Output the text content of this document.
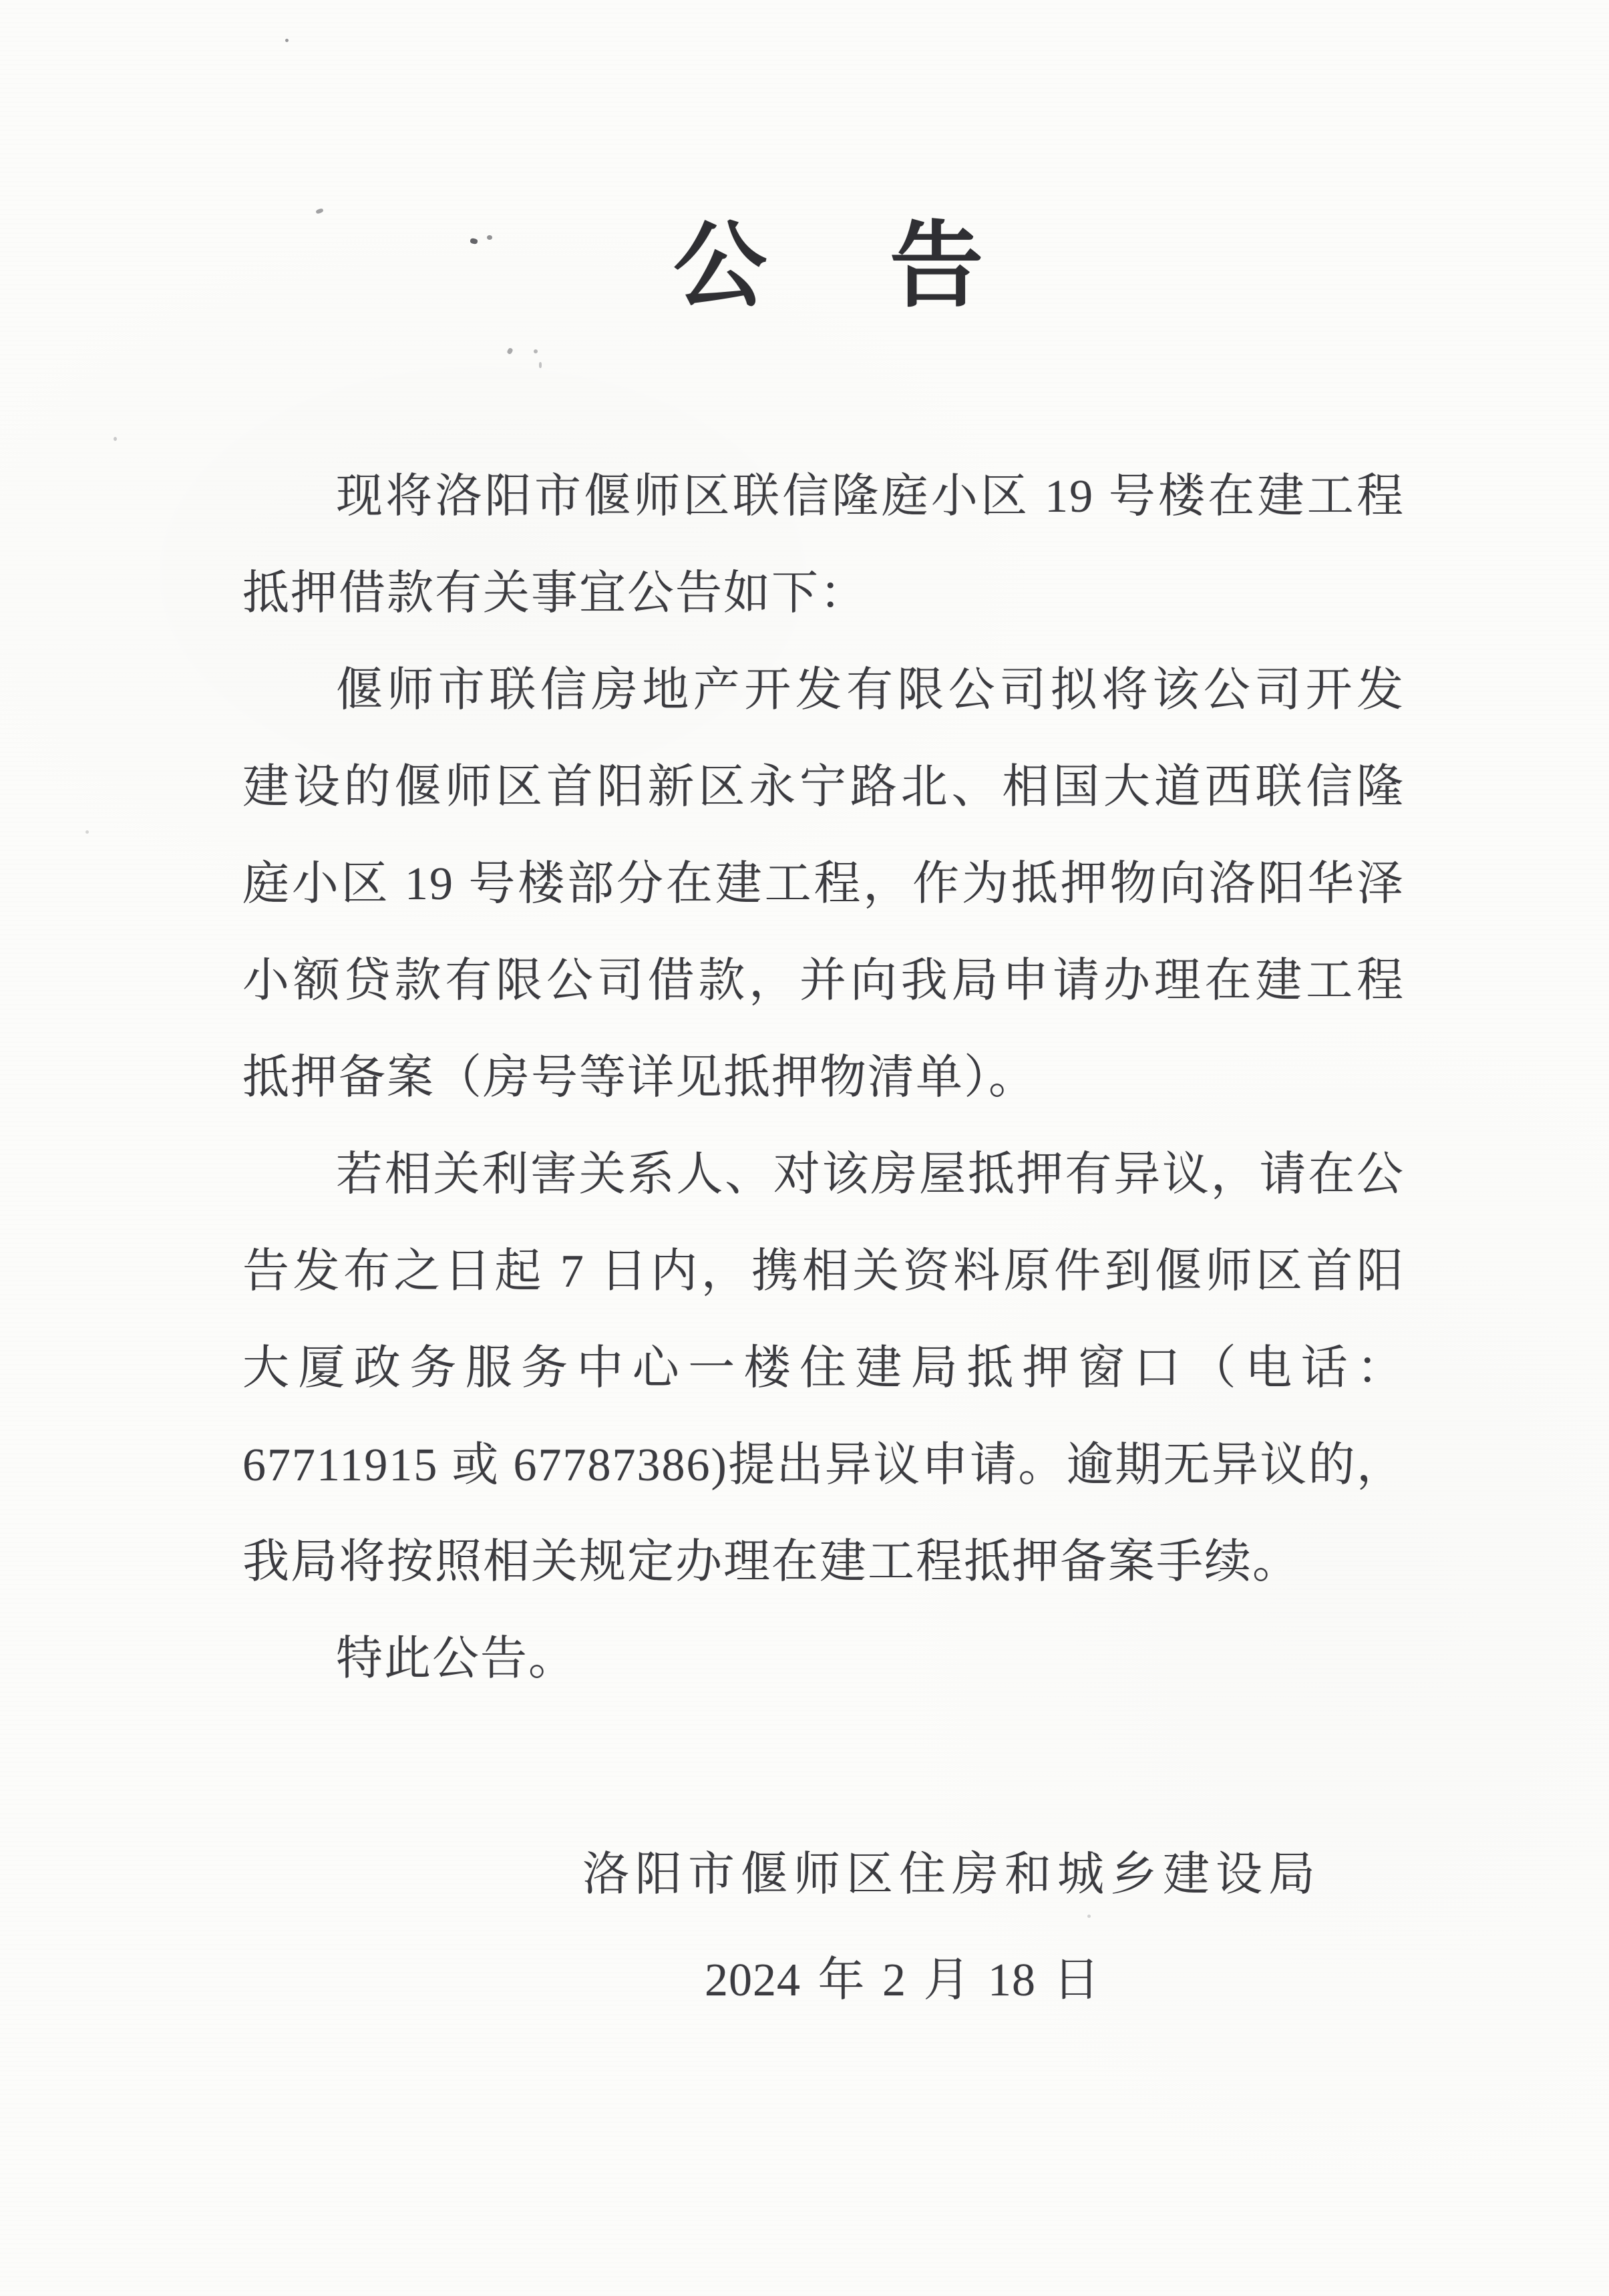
公　告
现将洛阳市偃师区联信隆庭小区 19 号楼在建工程
抵押借款有关事宜公告如下：
偃师市联信房地产开发有限公司拟将该公司开发
建设的偃师区首阳新区永宁路北、相国大道西联信隆
庭小区 19 号楼部分在建工程，作为抵押物向洛阳华泽
小额贷款有限公司借款，并向我局申请办理在建工程
抵押备案（房号等详见抵押物清单）。
若相关利害关系人、对该房屋抵押有异议，请在公
告发布之日起 7 日内，携相关资料原件到偃师区首阳
大厦政务服务中心一楼住建局抵押窗口（电话：
67711915 或 67787386)提出异议申请。逾期无异议的，
我局将按照相关规定办理在建工程抵押备案手续。
特此公告。
洛阳市偃师区住房和城乡建设局
2024 年 2 月 18 日
